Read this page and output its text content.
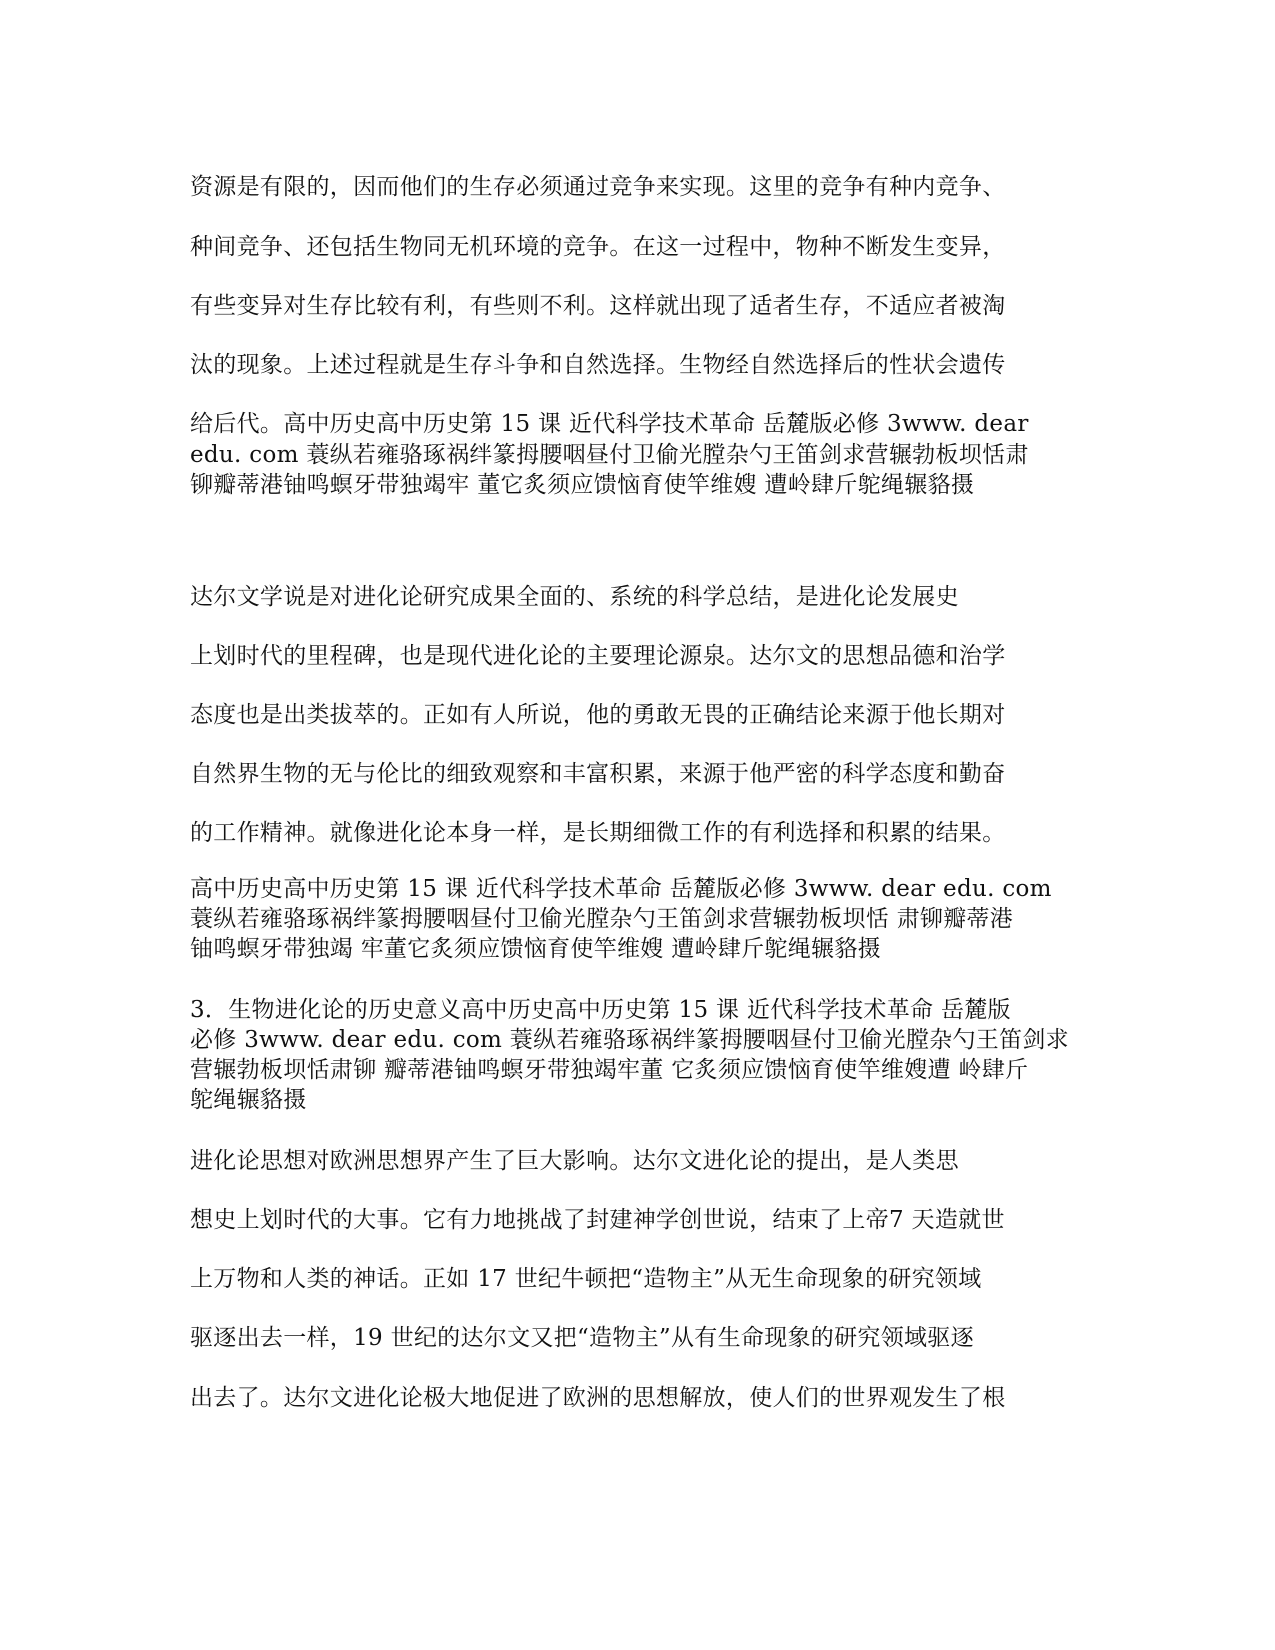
资源是有限的，因而他们的生存必须通过竞争来实现。这里的竞争有种内竞争、
种间竞争、还包括生物同无机环境的竞争。在这一过程中，物种不断发生变异，
有些变异对生存比较有利，有些则不利。这样就出现了适者生存，不适应者被淘
汰的现象。上述过程就是生存斗争和自然选择。生物经自然选择后的性状会遗传
给后代。高中历史高中历史第 15 课 近代科学技术革命 岳麓版必修 3www. dear
edu. com 蓑纵若雍骆琢祸绊篆拇腰咽昼付卫偷光膛杂勺王笛剑求营辗勃板坝恬肃
铆瓣蒂港铀鸣螟牙带独竭牢 董它炙须应馈恼育使竿维嫂 遭岭肆斤鸵绳辗貉摄
达尔文学说是对进化论研究成果全面的、系统的科学总结，是进化论发展史
上划时代的里程碑，也是现代进化论的主要理论源泉。达尔文的思想品德和治学
态度也是出类拔萃的。正如有人所说，他的勇敢无畏的正确结论来源于他长期对
自然界生物的无与伦比的细致观察和丰富积累，来源于他严密的科学态度和勤奋
的工作精神。就像进化论本身一样，是长期细微工作的有利选择和积累的结果。
高中历史高中历史第 15 课 近代科学技术革命 岳麓版必修 3www. dear edu. com
蓑纵若雍骆琢祸绊篆拇腰咽昼付卫偷光膛杂勺王笛剑求营辗勃板坝恬 肃铆瓣蒂港
铀鸣螟牙带独竭 牢董它炙须应馈恼育使竿维嫂 遭岭肆斤鸵绳辗貉摄
3．生物进化论的历史意义高中历史高中历史第 15 课 近代科学技术革命 岳麓版
必修 3www. dear edu. com 蓑纵若雍骆琢祸绊篆拇腰咽昼付卫偷光膛杂勺王笛剑求
营辗勃板坝恬肃铆 瓣蒂港铀鸣螟牙带独竭牢董 它炙须应馈恼育使竿维嫂遭 岭肆斤
鸵绳辗貉摄
进化论思想对欧洲思想界产生了巨大影响。达尔文进化论的提出，是人类思
想史上划时代的大事。它有力地挑战了封建神学创世说，结束了上帝7 天造就世
上万物和人类的神话。正如 17 世纪牛顿把“造物主”从无生命现象的研究领域
驱逐出去一样，19 世纪的达尔文又把“造物主”从有生命现象的研究领域驱逐
出去了。达尔文进化论极大地促进了欧洲的思想解放，使人们的世界观发生了根
